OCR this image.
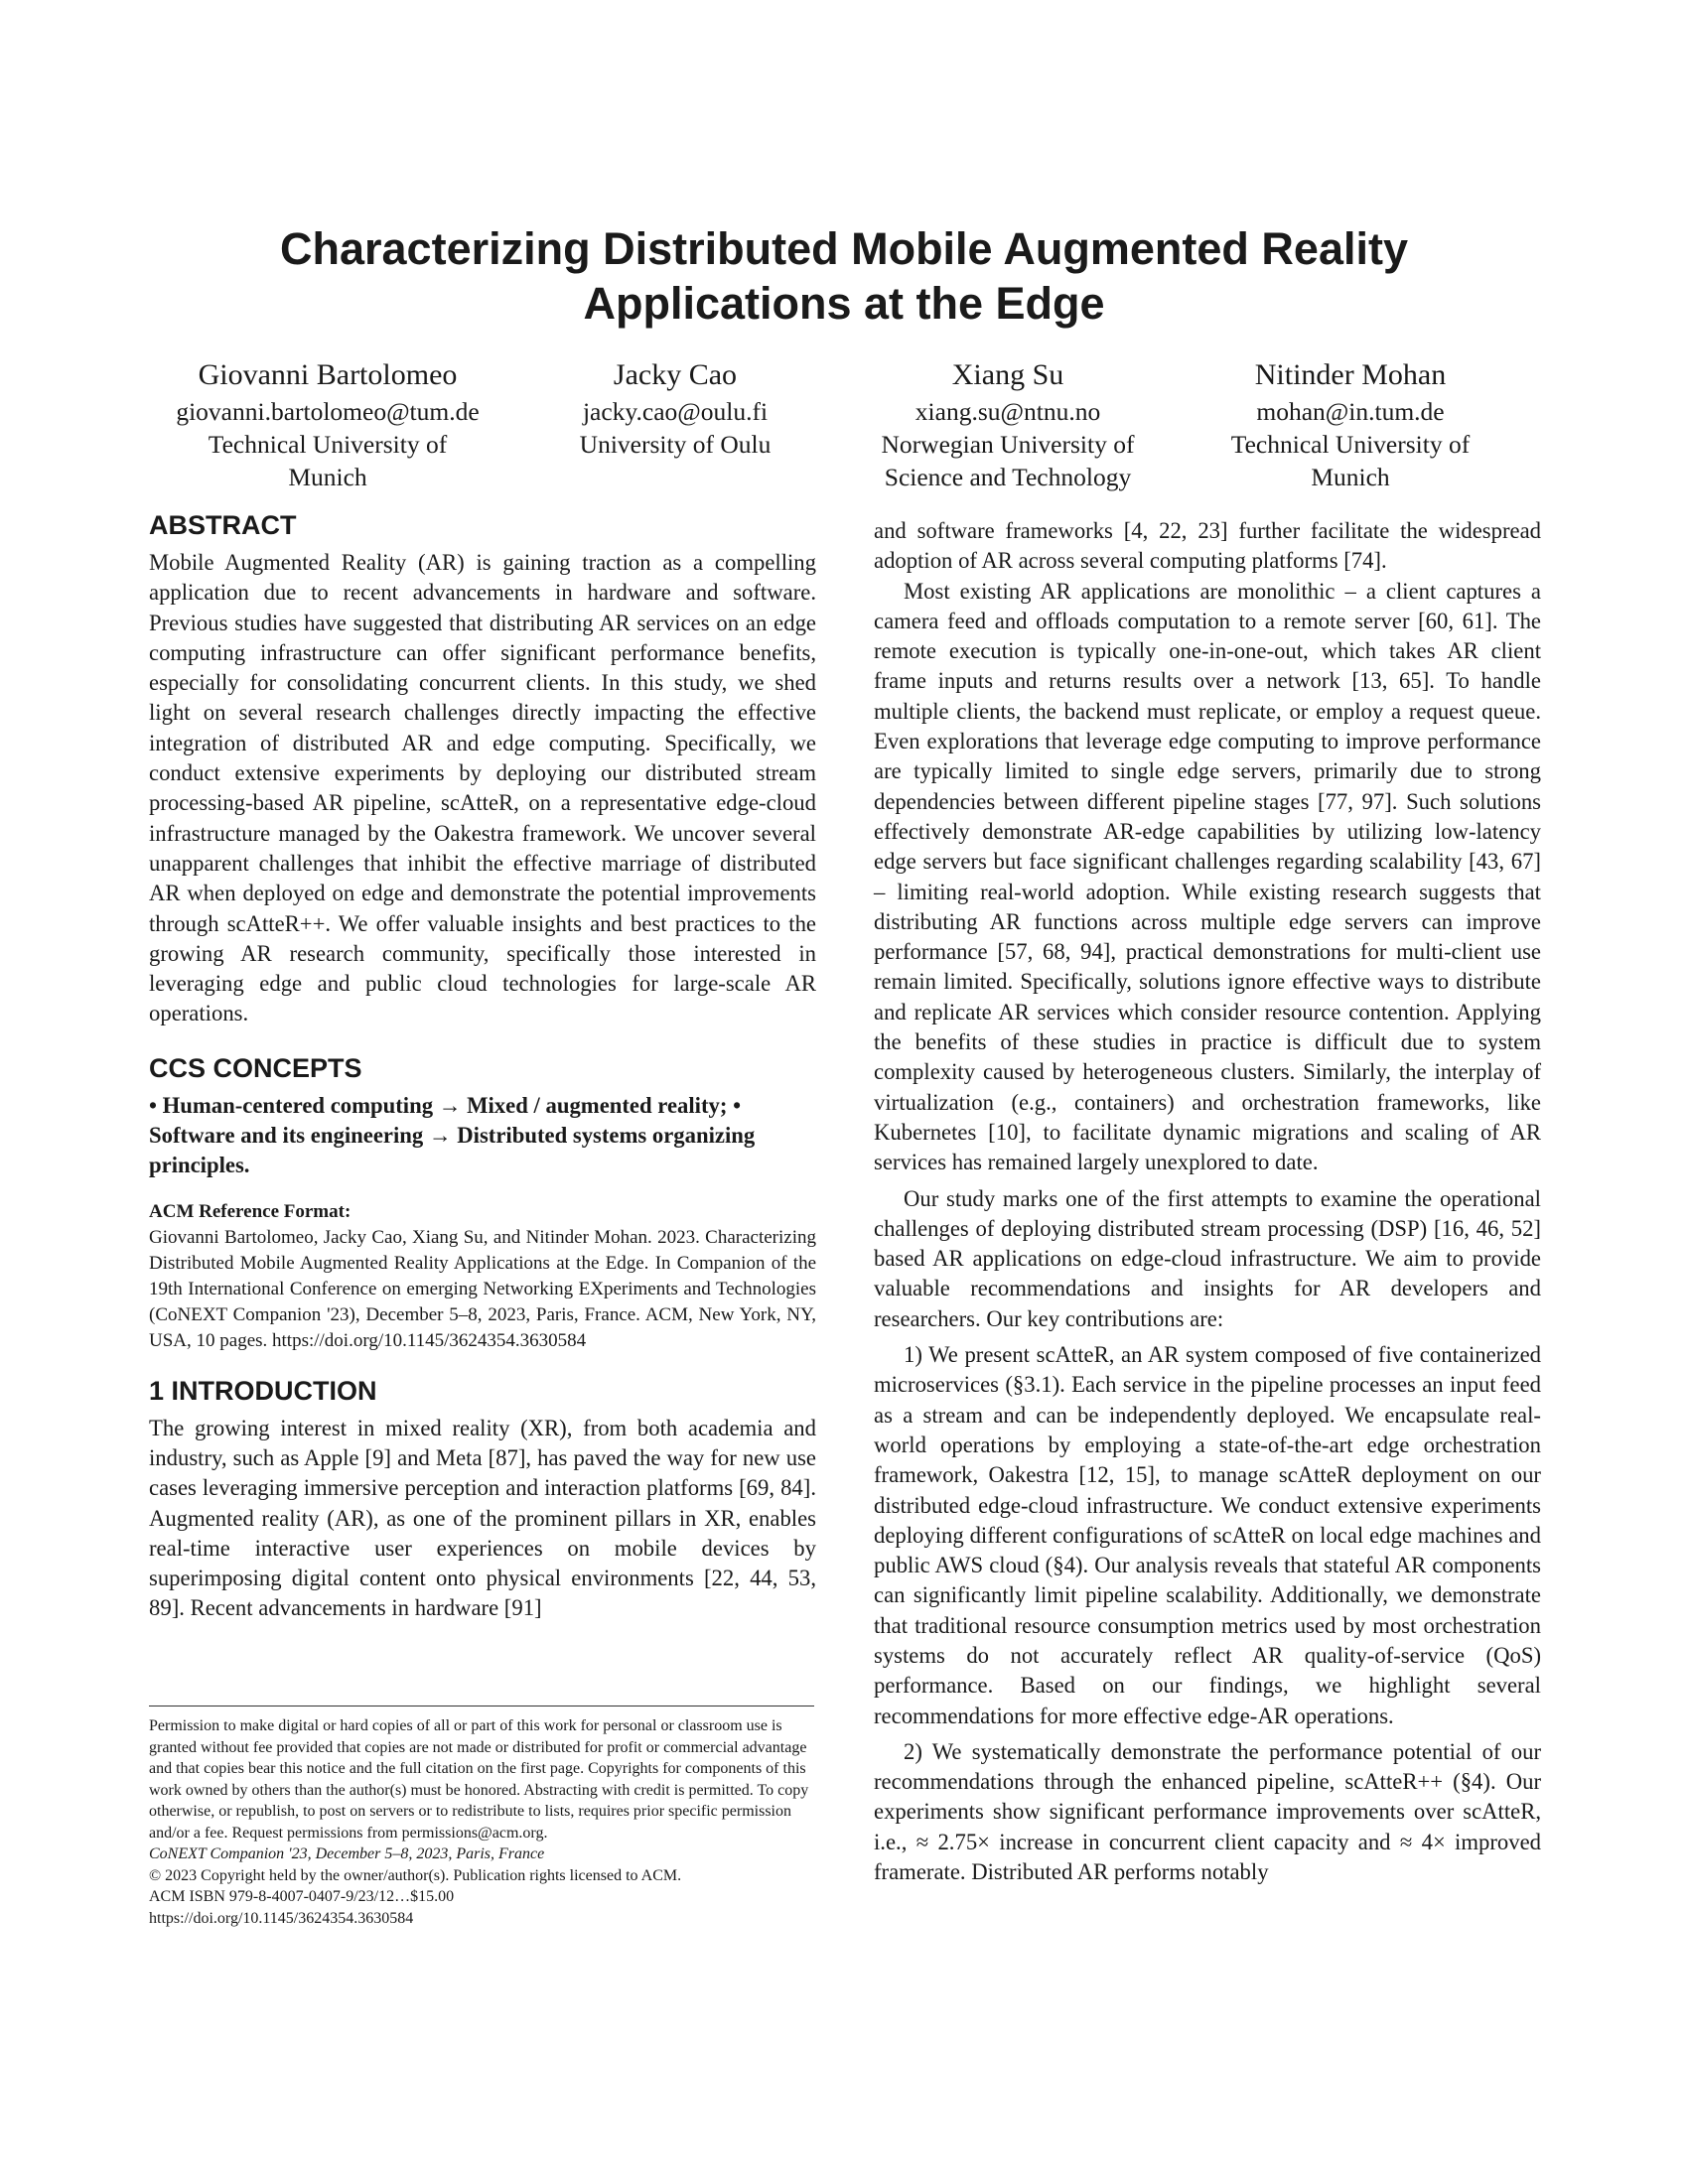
Characterizing Distributed Mobile Augmented Reality Applications at the Edge
Giovanni Bartolomeo
giovanni.bartolomeo@tum.de
Technical University of
Munich
Jacky Cao
jacky.cao@oulu.fi
University of Oulu
Xiang Su
xiang.su@ntnu.no
Norwegian University of
Science and Technology
Nitinder Mohan
mohan@in.tum.de
Technical University of
Munich
ABSTRACT

Mobile Augmented Reality (AR) is gaining traction as a compelling application due to recent advancements in hardware and software. Previous studies have suggested that distributing AR services on an edge computing infrastructure can offer significant performance benefits, especially for consolidating concurrent clients. In this study, we shed light on several research challenges directly impacting the effective integration of distributed AR and edge computing. Specifically, we conduct extensive experiments by deploying our distributed stream processing-based AR pipeline, scAtteR, on a representative edge-cloud infrastructure managed by the Oakestra framework. We uncover several unapparent challenges that inhibit the effective marriage of distributed AR when deployed on edge and demonstrate the potential improvements through scAtteR++. We offer valuable insights and best practices to the growing AR research community, specifically those interested in leveraging edge and public cloud technologies for large-scale AR operations.

CCS CONCEPTS

• Human-centered computing → Mixed / augmented reality; • Software and its engineering → Distributed systems organizing principles.

ACM Reference Format:

Giovanni Bartolomeo, Jacky Cao, Xiang Su, and Nitinder Mohan. 2023. Characterizing Distributed Mobile Augmented Reality Applications at the Edge. In Companion of the 19th International Conference on emerging Networking EXperiments and Technologies (CoNEXT Companion '23), December 5–8, 2023, Paris, France. ACM, New York, NY, USA, 10 pages. https://doi.org/10.1145/3624354.3630584

1 INTRODUCTION

The growing interest in mixed reality (XR), from both academia and industry, such as Apple [9] and Meta [87], has paved the way for new use cases leveraging immersive perception and interaction platforms [69, 84]. Augmented reality (AR), as one of the prominent pillars in XR, enables real-time interactive user experiences on mobile devices by superimposing digital content onto physical environments [22, 44, 53, 89]. Recent advancements in hardware [91]

Permission to make digital or hard copies of all or part of this work for personal or classroom use is granted without fee provided that copies are not made or distributed for profit or commercial advantage and that copies bear this notice and the full citation on the first page. Copyrights for components of this work owned by others than the author(s) must be honored. Abstracting with credit is permitted. To copy otherwise, or republish, to post on servers or to redistribute to lists, requires prior specific permission and/or a fee. Request permissions from permissions@acm.org.
CoNEXT Companion '23, December 5–8, 2023, Paris, France
© 2023 Copyright held by the owner/author(s). Publication rights licensed to ACM.
ACM ISBN 979-8-4007-0407-9/23/12…$15.00
https://doi.org/10.1145/3624354.3630584

and software frameworks [4, 22, 23] further facilitate the widespread adoption of AR across several computing platforms [74].

Most existing AR applications are monolithic – a client captures a camera feed and offloads computation to a remote server [60, 61]. The remote execution is typically one-in-one-out, which takes AR client frame inputs and returns results over a network [13, 65]. To handle multiple clients, the backend must replicate, or employ a request queue. Even explorations that leverage edge computing to improve performance are typically limited to single edge servers, primarily due to strong dependencies between different pipeline stages [77, 97]. Such solutions effectively demonstrate AR-edge capabilities by utilizing low-latency edge servers but face significant challenges regarding scalability [43, 67] – limiting real-world adoption. While existing research suggests that distributing AR functions across multiple edge servers can improve performance [57, 68, 94], practical demonstrations for multi-client use remain limited. Specifically, solutions ignore effective ways to distribute and replicate AR services which consider resource contention. Applying the benefits of these studies in practice is difficult due to system complexity caused by heterogeneous clusters. Similarly, the interplay of virtualization (e.g., containers) and orchestration frameworks, like Kubernetes [10], to facilitate dynamic migrations and scaling of AR services has remained largely unexplored to date.

Our study marks one of the first attempts to examine the operational challenges of deploying distributed stream processing (DSP) [16, 46, 52] based AR applications on edge-cloud infrastructure. We aim to provide valuable recommendations and insights for AR developers and researchers. Our key contributions are:

1) We present scAtteR, an AR system composed of five containerized microservices (§3.1). Each service in the pipeline processes an input feed as a stream and can be independently deployed. We encapsulate real-world operations by employing a state-of-the-art edge orchestration framework, Oakestra [12, 15], to manage scAtteR deployment on our distributed edge-cloud infrastructure. We conduct extensive experiments deploying different configurations of scAtteR on local edge machines and public AWS cloud (§4). Our analysis reveals that stateful AR components can significantly limit pipeline scalability. Additionally, we demonstrate that traditional resource consumption metrics used by most orchestration systems do not accurately reflect AR quality-of-service (QoS) performance. Based on our findings, we highlight several recommendations for more effective edge-AR operations.

2) We systematically demonstrate the performance potential of our recommendations through the enhanced pipeline, scAtteR++ (§4). Our experiments show significant performance improvements over scAtteR, i.e., ≈ 2.75× increase in concurrent client capacity and ≈ 4× improved framerate. Distributed AR performs notably
